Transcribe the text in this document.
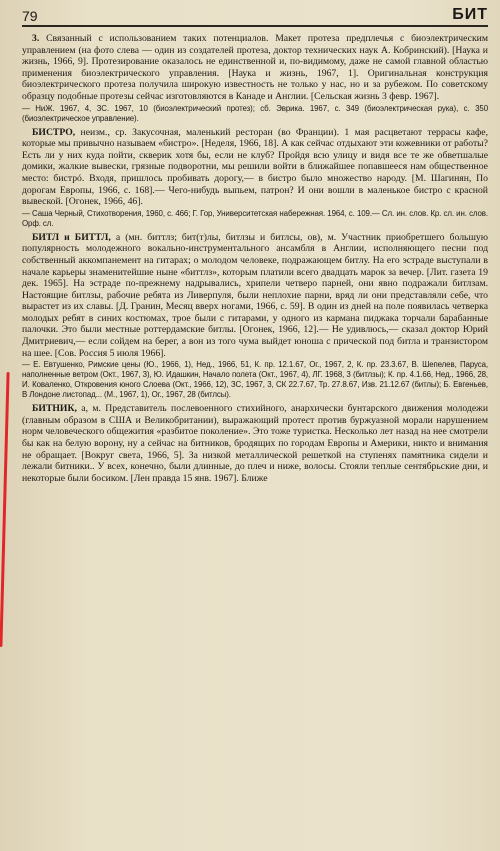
79	БИТ

3. Связанный с использованием таких потенциалов. Макет протеза предплечья с биоэлектрическим управлением (на фото слева — один из создателей протеза, доктор технических наук А. Кобринский). [Наука и жизнь, 1966, 9]. Протезирование оказалось не единственной и, по-видимому, даже не самой главной областью применения биоэлектрического управления. [Наука и жизнь, 1967, 1]. Оригинальная конструкция биоэлектрического протеза получила широкую известность не только у нас, но и за рубежом. По советскому образцу подобные протезы сейчас изготовляются в Канаде и Англии. [Сельская жизнь 3 февр. 1967].

— НиЖ. 1967, 4, ЗС. 1967, 10 (биоэлектрический протез); сб. Эврика. 1967, с. 349 (биоэлектрическая рука), с. 350 (биоэлектрическое управление).

БИСТРО, неизм., ср. Закусочная, маленький ресторан (во Франции). 1 мая расцветают террасы кафе, которые мы привычно называем «бистро». [Неделя, 1966, 18]. А как сейчас отдыхают эти кожевники от работы? Есть ли у них куда пойти, скверик хотя бы, если не клуб? Пройдя всю улицу и видя все те же обветшалые домики, жалкие вывески, грязные подворотни, мы решили войти в ближайшее попавшееся нам общественное место: бистрó. Входя, пришлось пробивать дорогу,— в бистро было множество народу. [М. Шагинян, По дорогам Европы, 1966, с. 168].— Чего-нибудь выпьем, патрон? И они вошли в маленькое бистро с красной вывеской. [Огонек, 1966, 46].

— Саша Черный, Стихотворения, 1960, с. 466; Г. Гор, Университетская набережная. 1964, с. 109.— Сл. ин. слов. Кр. сл. ин. слов. Орф. сл.

БИТЛ и БИТТЛ, а (мн. биттлз; бит(т)лы, битлзы и битлсы, ов), м. Участник приобретшего большую популярность молодежного вокально-инструментального ансамбля в Англии, исполняющего песни под собственный аккомпанемент на гитарах; о молодом человеке, подражающем битлу. На его эстраде выступали в начале карьеры знаменитейшие ныне «биттлз», которым платили всего двадцать марок за вечер. [Лит. газета 19 дек. 1965]. На эстраде по-прежнему надрывались, хрипели четверо парней, они явно подражали битлзам. Настоящие битлзы, рабочие ребята из Ливерпуля, были неплохие парни, вряд ли они представляли себе, что вырастет из их славы. [Д. Гранин, Месяц вверх ногами, 1966, с. 59]. В один из дней на поле появилась четверка молодых ребят в синих костюмах, трое были с гитарами, у одного из кармана пиджака торчали барабанные палочки. Это были местные роттердамские битлы. [Огонек, 1966, 12].— Не удивлюсь,— сказал доктор Юрий Дмитриевич,— если сойдем на берег, а вон из того чума выйдет юноша с прической под битла и транзистором на шее. [Сов. Россия 5 июля 1966].

— Е. Евтушенко, Римские цены (Ю., 1966, 1), Нед., 1966, 51, К. пр. 12.1.67, Ог., 1967, 2, К. пр. 23.3.67, В. Шепелев, Паруса, наполненные ветром (Окт., 1967, 3), Ю. Идашкин, Начало полета (Окт., 1967, 4), ЛГ. 1968, 3 (битлзы); К. пр. 4.1.66, Нед., 1966, 28, И. Коваленко, Откровения юного Слоева (Окт., 1966, 12), ЗС, 1967, 3, СК 22.7.67, Тр. 27.8.67, Изв. 21.12.67 (битлы); Б. Евгеньев, В Лондоне листопад... (М., 1967, 1), Ог., 1967, 28 (битлсы).

БИТНИК, а, м. Представитель послевоенного стихийного, анархически бунтарского движения молодежи (главным образом в США и Великобритании), выражающий протест против буржуазной морали нарушением норм человеческого общежития «разбитое поколение». Это тоже туристка. Несколько лет назад на нее смотрели бы как на белую ворону, ну а сейчас на битников, бродящих по городам Европы и Америки, никто и внимания не обращает. [Вокруг света, 1966, 5]. За низкой металлической решеткой на ступенях памятника сидели и лежали битники.. У всех, конечно, были длинные, до плеч и ниже, волосы. Стояли теплые сентябрьские дни, и некоторые были босиком. [Лен правда 15 янв. 1967]. Ближе
